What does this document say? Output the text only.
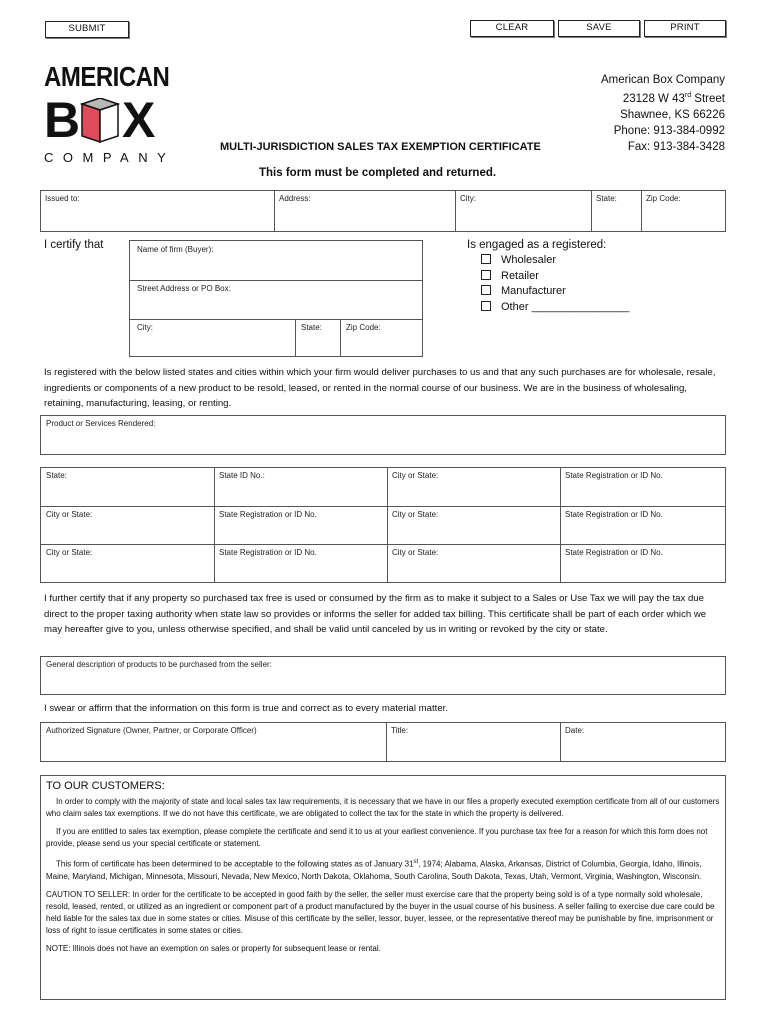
SUBMIT	CLEAR	SAVE	PRINT
AMERICAN
B X
COMPANY
American Box Company
23128 W 43rd Street
Shawnee, KS 66226
Phone: 913-384-0992
Fax: 913-384-3428
MULTI-JURISDICTION SALES TAX EXEMPTION CERTIFICATE
This form must be completed and returned.
Issued to:	Address:	City:	State:	Zip Code:
I certify that	Name of firm (Buyer):
Street Address or PO Box:
City:	State:	Zip Code:
Is engaged as a registered:
Wholesaler
Retailer
Manufacturer
Other ________________
Is registered with the below listed states and cities within which your firm would deliver purchases to us and that any such purchases are for wholesale, resale, ingredients or components of a new product to be resold, leased, or rented in the normal course of our business. We are in the business of wholesaling, retaining, manufacturing, leasing, or renting.
Product or Services Rendered:
State:	State ID No.:	City or State:	State Registration or ID No.
City or State:	State Registration or ID No.	City or State:	State Registration or ID No.
City or State:	State Registration or ID No.	City or State:	State Registration or ID No.
I further certify that if any property so purchased tax free is used or consumed by the firm as to make it subject to a Sales or Use Tax we will pay the tax due direct to the proper taxing authority when state law so provides or informs the seller for added tax billing. This certificate shall be part of each order which we may hereafter give to you, unless otherwise specified, and shall be valid until canceled by us in writing or revoked by the city or state.
General description of products to be purchased from the seller:
I swear or affirm that the information on this form is true and correct as to every material matter.
Authorized Signature (Owner, Partner, or Corporate Officer)	Title:	Date:
TO OUR CUSTOMERS:
In order to comply with the majority of state and local sales tax law requirements, it is necessary that we have in our files a properly executed exemption certificate from all of our customers who claim sales tax exemptions. If we do not have this certificate, we are obligated to collect the tax for the state in which the property is delivered.
If you are entitled to sales tax exemption, please complete the certificate and send it to us at your earliest convenience. If you purchase tax free for a reason for which this form does not provide, please send us your special certificate or statement.
This form of certificate has been determined to be acceptable to the following states as of January 31st, 1974; Alabama, Alaska, Arkansas, District of Columbia, Georgia, Idaho, Illinois, Maine, Maryland, Michigan, Minnesota, Missouri, Nevada, New Mexico, North Dakota, Oklahoma, South Carolina, South Dakota, Texas, Utah, Vermont, Virginia, Washington, Wisconsin.
CAUTION TO SELLER: In order for the certificate to be accepted in good faith by the seller, the seller must exercise care that the property being sold is of a type normally sold wholesale, resold, leased, rented, or utilized as an ingredient or component part of a product manufactured by the buyer in the usual course of his business. A seller failing to exercise due care could be held liable for the sales tax due in some states or cities. Misuse of this certificate by the seller, lessor, buyer, lessee, or the representative thereof may be punishable by fine, imprisonment or loss of right to issue certificates in some states or cities.
NOTE: Illinois does not have an exemption on sales or property for subsequent lease or rental.
